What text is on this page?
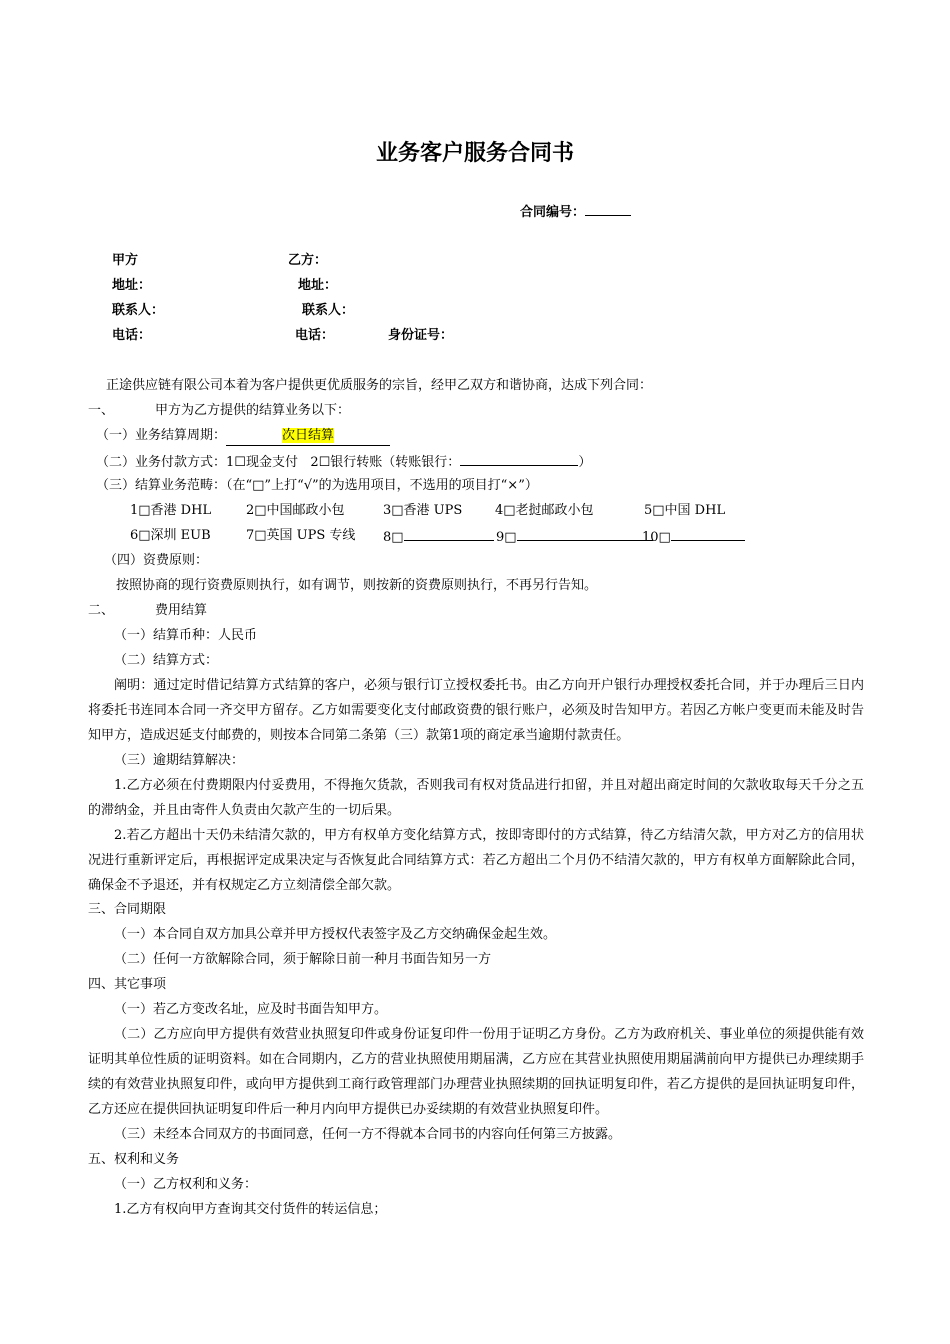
业务客户服务合同书
合同编号：
甲方	乙方：
地址：	地址：
联系人：	联系人：
电话：	电话：	身份证号：
正途供应链有限公司本着为客户提供更优质服务的宗旨，经甲乙双方和谐协商，达成下列合同：
一、	甲方为乙方提供的结算业务以下：
（一）业务结算周期：	次日结算
（二）业务付款方式：1☐现金支付 2☐银行转账（转账银行：	）
（三）结算业务范畴：（在“□”上打“√”的为选用项目，不选用的项目打“×”）
1□香港 DHL	2□中国邮政小包	3□香港 UPS	4□老挝邮政小包	5□中国 DHL
6□深圳 EUB	7□英国 UPS 专线 8□	9□	10□
（四）资费原则：
按照协商的现行资费原则执行，如有调节，则按新的资费原则执行，不再另行告知。
二、	费用结算
（一）结算币种：人民币
（二）结算方式：

阐明：通过定时借记结算方式结算的客户，必须与银行订立授权委托书。由乙方向开户银行办理授权委托合同，并于办理后三日内将委托书连同本合同一齐交甲方留存。乙方如需要变化支付邮政资费的银行账户，必须及时告知甲方。若因乙方帐户变更而未能及时告知甲方，造成迟延支付邮费的，则按本合同第二条第（三）款第1项的商定承当逾期付款责任。

（三）逾期结算解决：

1.乙方必须在付费期限内付妥费用，不得拖欠货款，否则我司有权对货品进行扣留，并且对超出商定时间的欠款收取每天千分之五的滞纳金，并且由寄件人负责由欠款产生的一切后果。

2.若乙方超出十天仍未结清欠款的，甲方有权单方变化结算方式，按即寄即付的方式结算，待乙方结清欠款，甲方对乙方的信用状况进行重新评定后，再根据评定成果决定与否恢复此合同结算方式：若乙方超出二个月仍不结清欠款的，甲方有权单方面解除此合同，确保金不予退还，并有权规定乙方立刻清偿全部欠款。

三、合同期限
（一）本合同自双方加具公章并甲方授权代表签字及乙方交纳确保金起生效。
（二）任何一方欲解除合同，须于解除日前一种月书面告知另一方
四、其它事项
（一）若乙方变改名址，应及时书面告知甲方。

（二）乙方应向甲方提供有效营业执照复印件或身份证复印件一份用于证明乙方身份。乙方为政府机关、事业单位的须提供能有效证明其单位性质的证明资料。如在合同期内，乙方的营业执照使用期届满，乙方应在其营业执照使用期届满前向甲方提供已办理续期手续的有效营业执照复印件，或向甲方提供到工商行政管理部门办理营业执照续期的回执证明复印件，若乙方提供的是回执证明复印件，乙方还应在提供回执证明复印件后一种月内向甲方提供已办妥续期的有效营业执照复印件。

（三）未经本合同双方的书面同意，任何一方不得就本合同书的内容向任何第三方披露。
五、权利和义务
（一）乙方权利和义务：
1.乙方有权向甲方查询其交付货件的转运信息；
